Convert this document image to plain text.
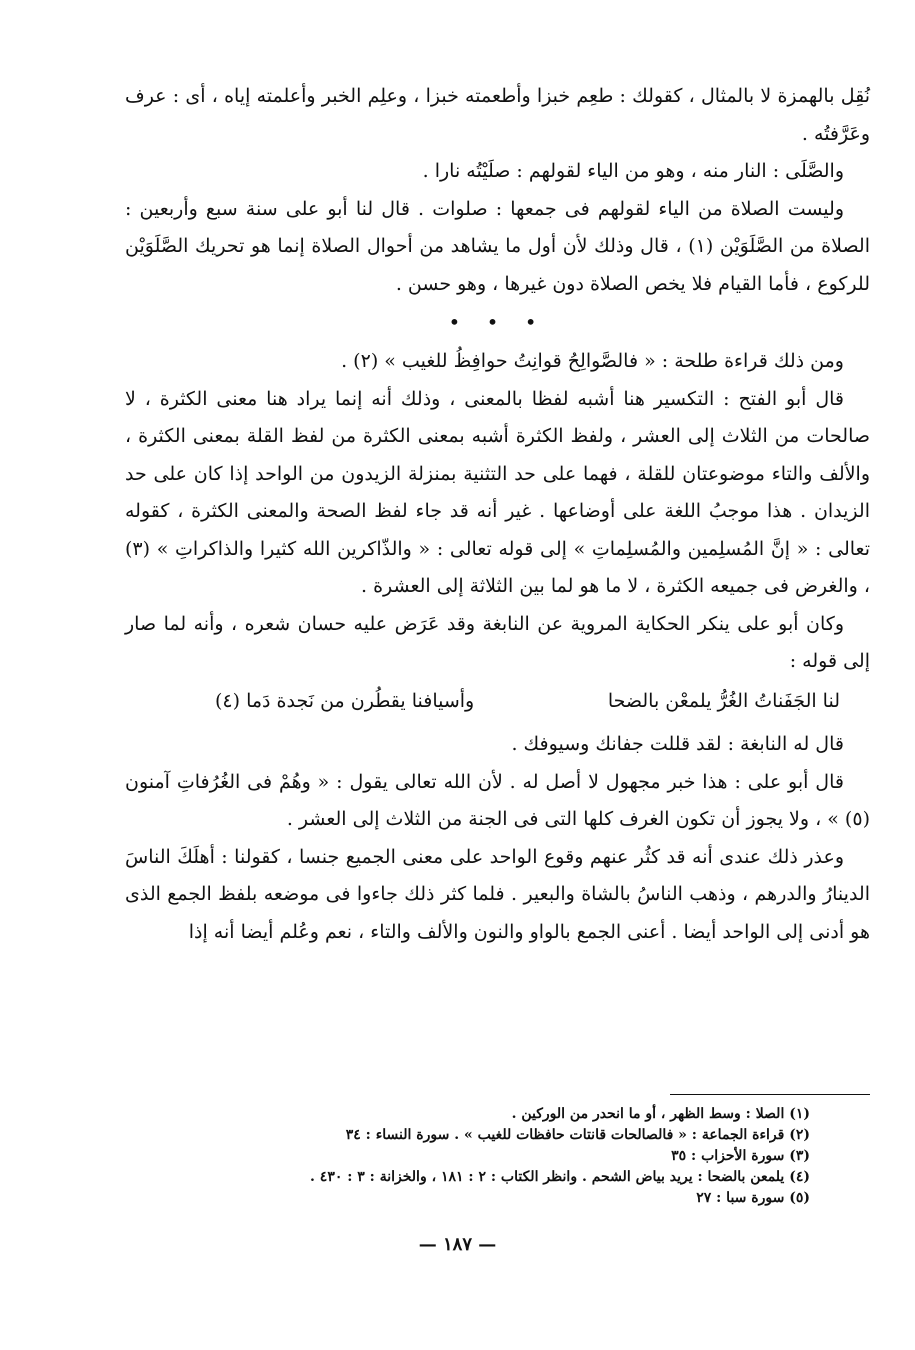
نُقِل بالهمزة لا بالمثال ، كقولك : طعِم خبزا وأطعمته خبزا ، وعلِم الخبر وأعلمته إياه ، أى : عرف وعَرَّفتُه .

والصَّلَى : النار منه ، وهو من الياء لقولهم : صلَيْتُه نارا .

وليست الصلاة من الياء لقولهم فى جمعها : صلوات . قال لنا أبو على سنة سبع وأربعين : الصلاة من الصَّلَوَيْن (١) ، قال وذلك لأن أول ما يشاهد من أحوال الصلاة إنما هو تحريك الصَّلَوَيْن للركوع ، فأما القيام فلا يخص الصلاة دون غيرها ، وهو حسن .

• • •

ومن ذلك قراءة طلحة : « فالصَّوالِحُ قوانِتُ حوافِظُ للغيب » (٢) .

قال أبو الفتح : التكسير هنا أشبه لفظا بالمعنى ، وذلك أنه إنما يراد هنا معنى الكثرة ، لا صالحات من الثلاث إلى العشر ، ولفظ الكثرة أشبه بمعنى الكثرة من لفظ القلة بمعنى الكثرة ، والألف والتاء موضوعتان للقلة ، فهما على حد التثنية بمنزلة الزيدون من الواحد إذا كان على حد الزيدان . هذا موجبُ اللغة على أوضاعها . غير أنه قد جاء لفظ الصحة والمعنى الكثرة ، كقوله تعالى : « إنَّ المُسلِمين والمُسلِماتِ » إلى قوله تعالى : « والذّاكرين الله كثيرا والذاكراتِ » (٣) ، والغرض فى جميعه الكثرة ، لا ما هو لما بين الثلاثة إلى العشرة .

وكان أبو على ينكر الحكاية المروية عن النابغة وقد عَرَض عليه حسان شعره ، وأنه لما صار إلى قوله :

لنا الجَفَناتُ الغُرُّ يلمعْن بالضحا
وأسيافنا يقطُرن من نَجدة دَما (٤)

قال له النابغة : لقد قللت جفانك وسيوفك .

قال أبو على : هذا خبر مجهول لا أصل له . لأن الله تعالى يقول : « وهُمْ فى الغُرُفاتِ آمنون (٥) » ، ولا يجوز أن تكون الغرف كلها التى فى الجنة من الثلاث إلى العشر .

وعذر ذلك عندى أنه قد كثُر عنهم وقوع الواحد على معنى الجميع جنسا ، كقولنا : أهلَكَ الناسَ الدينارُ والدرهم ، وذهب الناسُ بالشاة والبعير . فلما كثر ذلك جاءوا فى موضعه بلفظ الجمع الذى هو أدنى إلى الواحد أيضا . أعنى الجمع بالواو والنون والألف والتاء ، نعم وعُلم أيضا أنه إذا

(١) الصلا : وسط الظهر ، أو ما انحدر من الوركين .

(٢) قراءة الجماعة : « فالصالحات قانتات حافظات للغيب » . سورة النساء : ٣٤

(٣) سورة الأحزاب : ٣٥

(٤) يلمعن بالضحا : يريد بياض الشحم . وانظر الكتاب : ٢ : ١٨١ ، والخزانة : ٣ : ٤٣٠ .

(٥) سورة سبا : ٢٧

— ١٨٧ —
